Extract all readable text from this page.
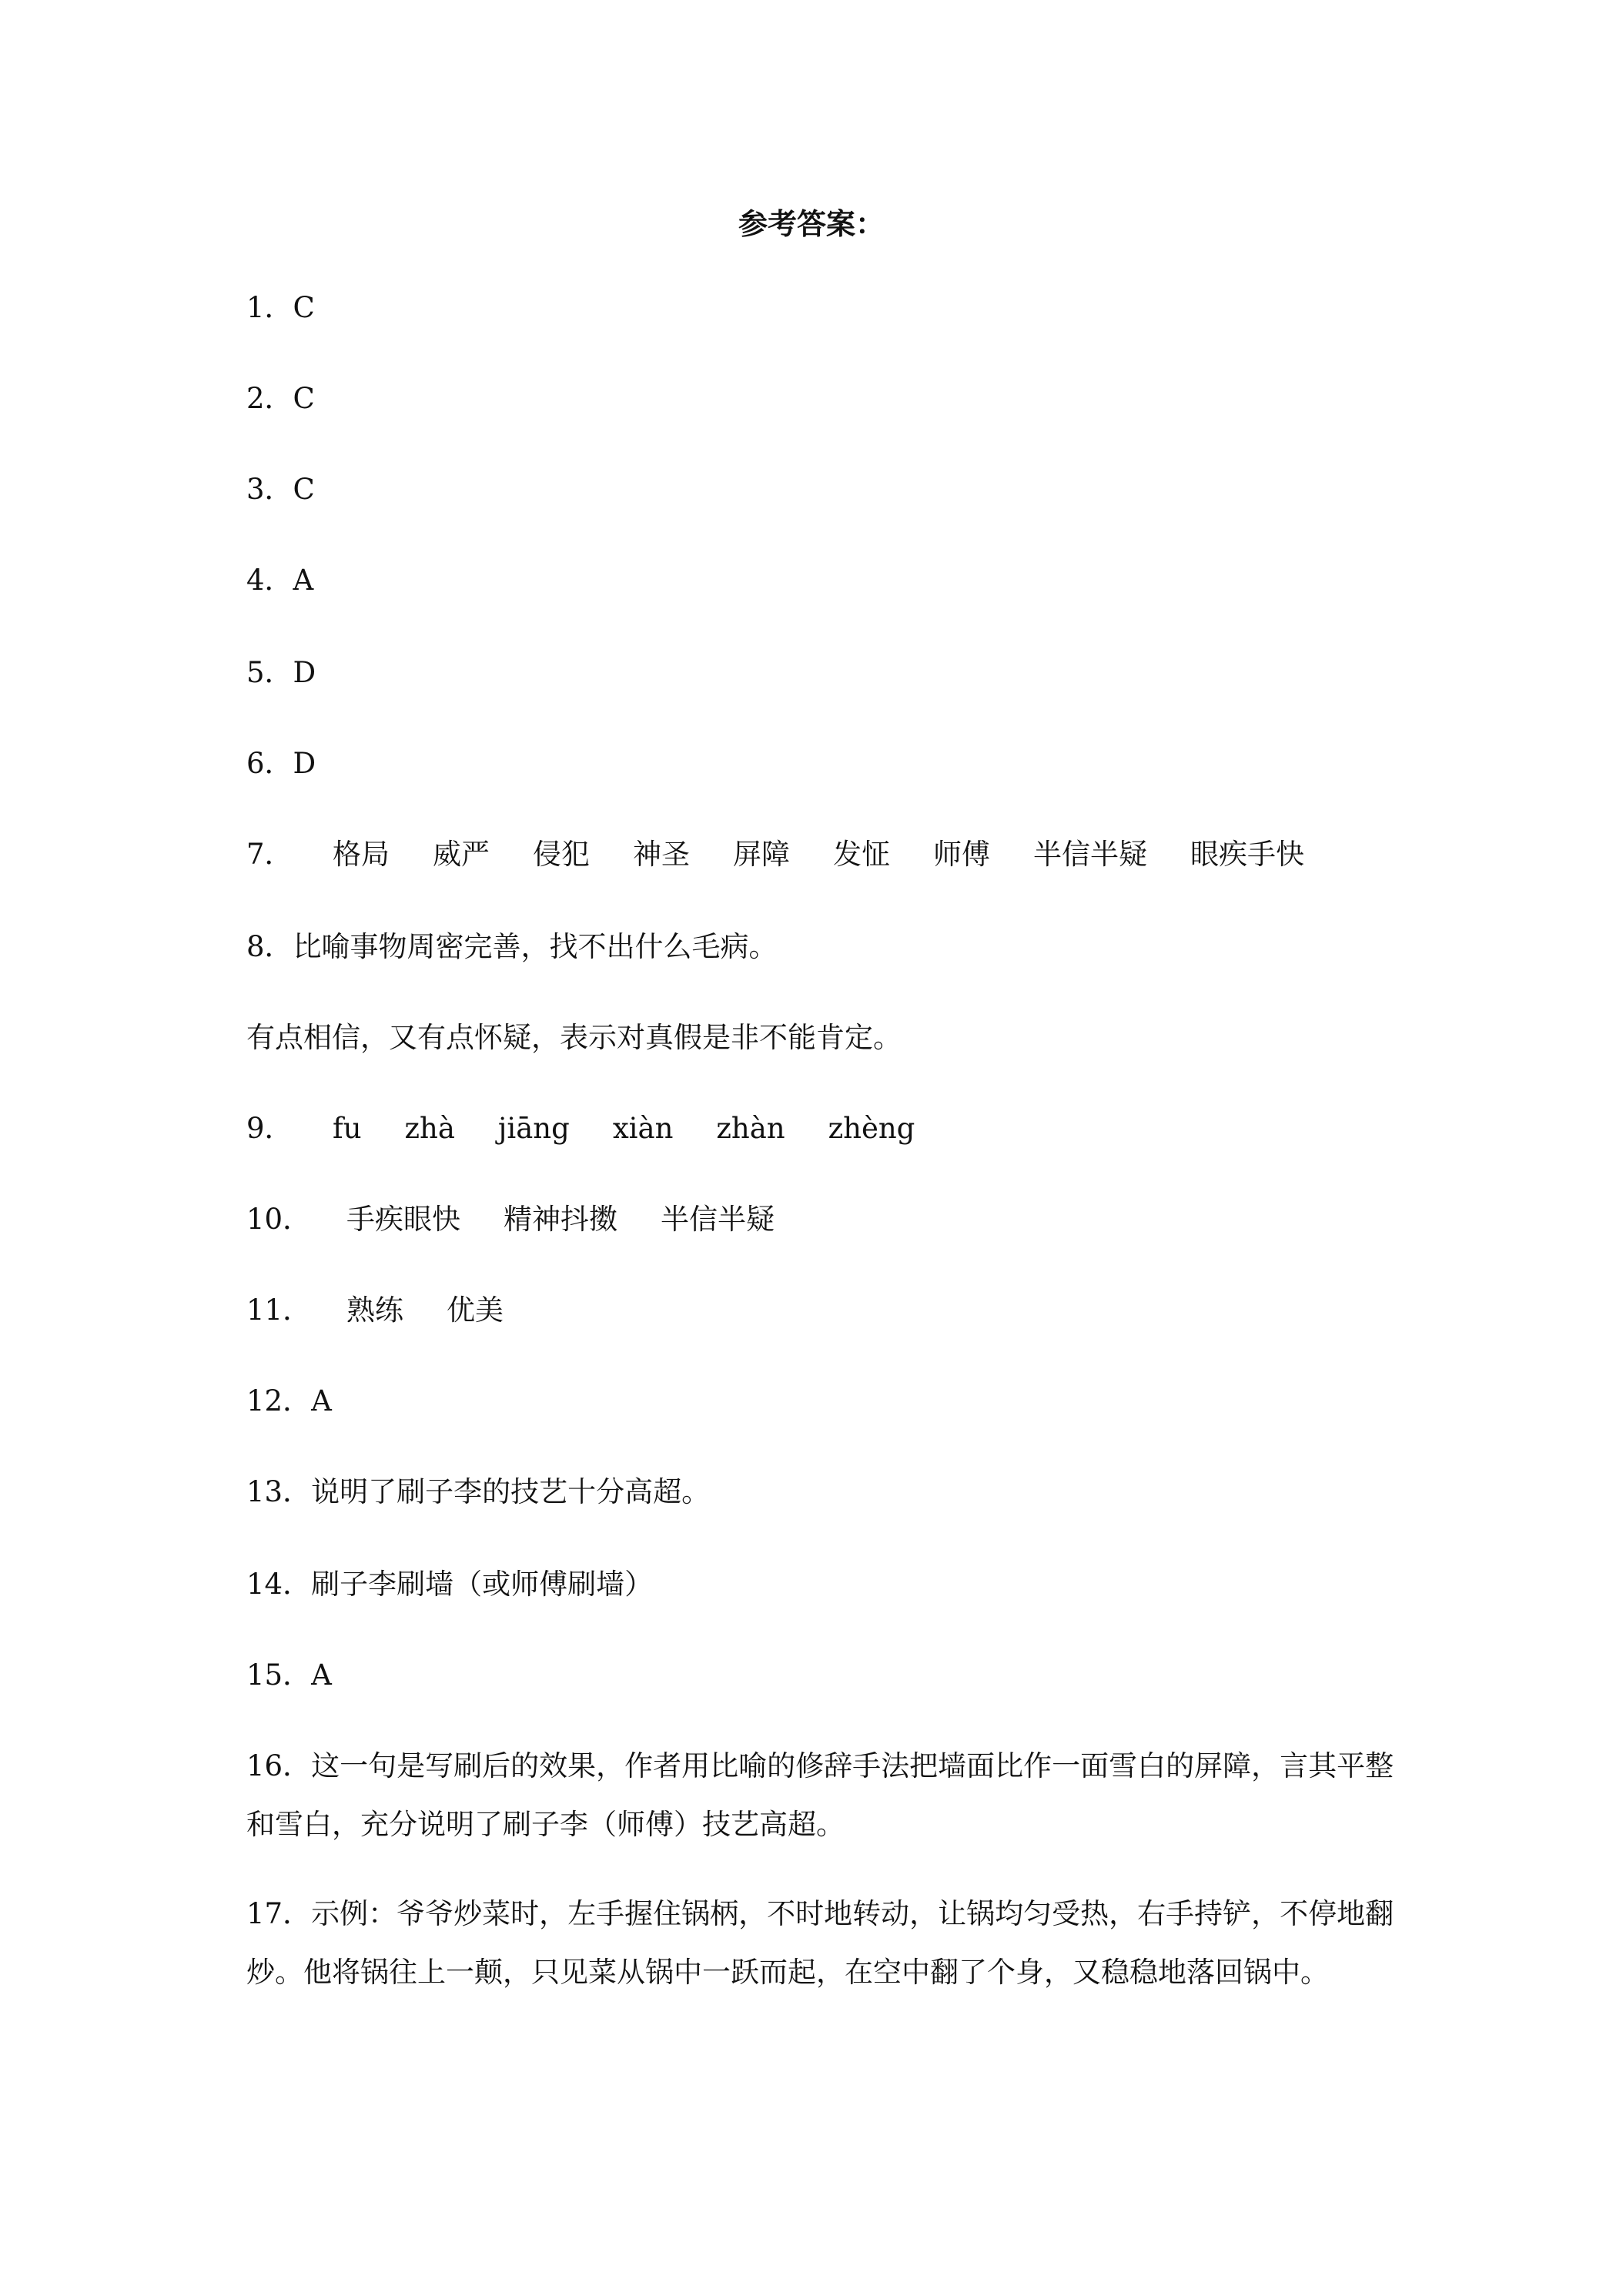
参考答案：
1．C
2．C
3．C
4．A
5．D
6．D
7． 格局 威严 侵犯 神圣 屏障 发怔 师傅 半信半疑 眼疾手快
8．比喻事物周密完善，找不出什么毛病。
有点相信，又有点怀疑，表示对真假是非不能肯定。
9． fu zhà jiāng xiàn zhàn zhèng
10． 手疾眼快 精神抖擞 半信半疑
11． 熟练 优美
12．A
13．说明了刷子李的技艺十分高超。
14．刷子李刷墙（或师傅刷墙）
15．A
16．这一句是写刷后的效果，作者用比喻的修辞手法把墙面比作一面雪白的屏障，言其平整
和雪白，充分说明了刷子李（师傅）技艺高超。
17．示例：爷爷炒菜时，左手握住锅柄，不时地转动，让锅均匀受热，右手持铲，不停地翻
炒。他将锅往上一颠，只见菜从锅中一跃而起，在空中翻了个身，又稳稳地落回锅中。
